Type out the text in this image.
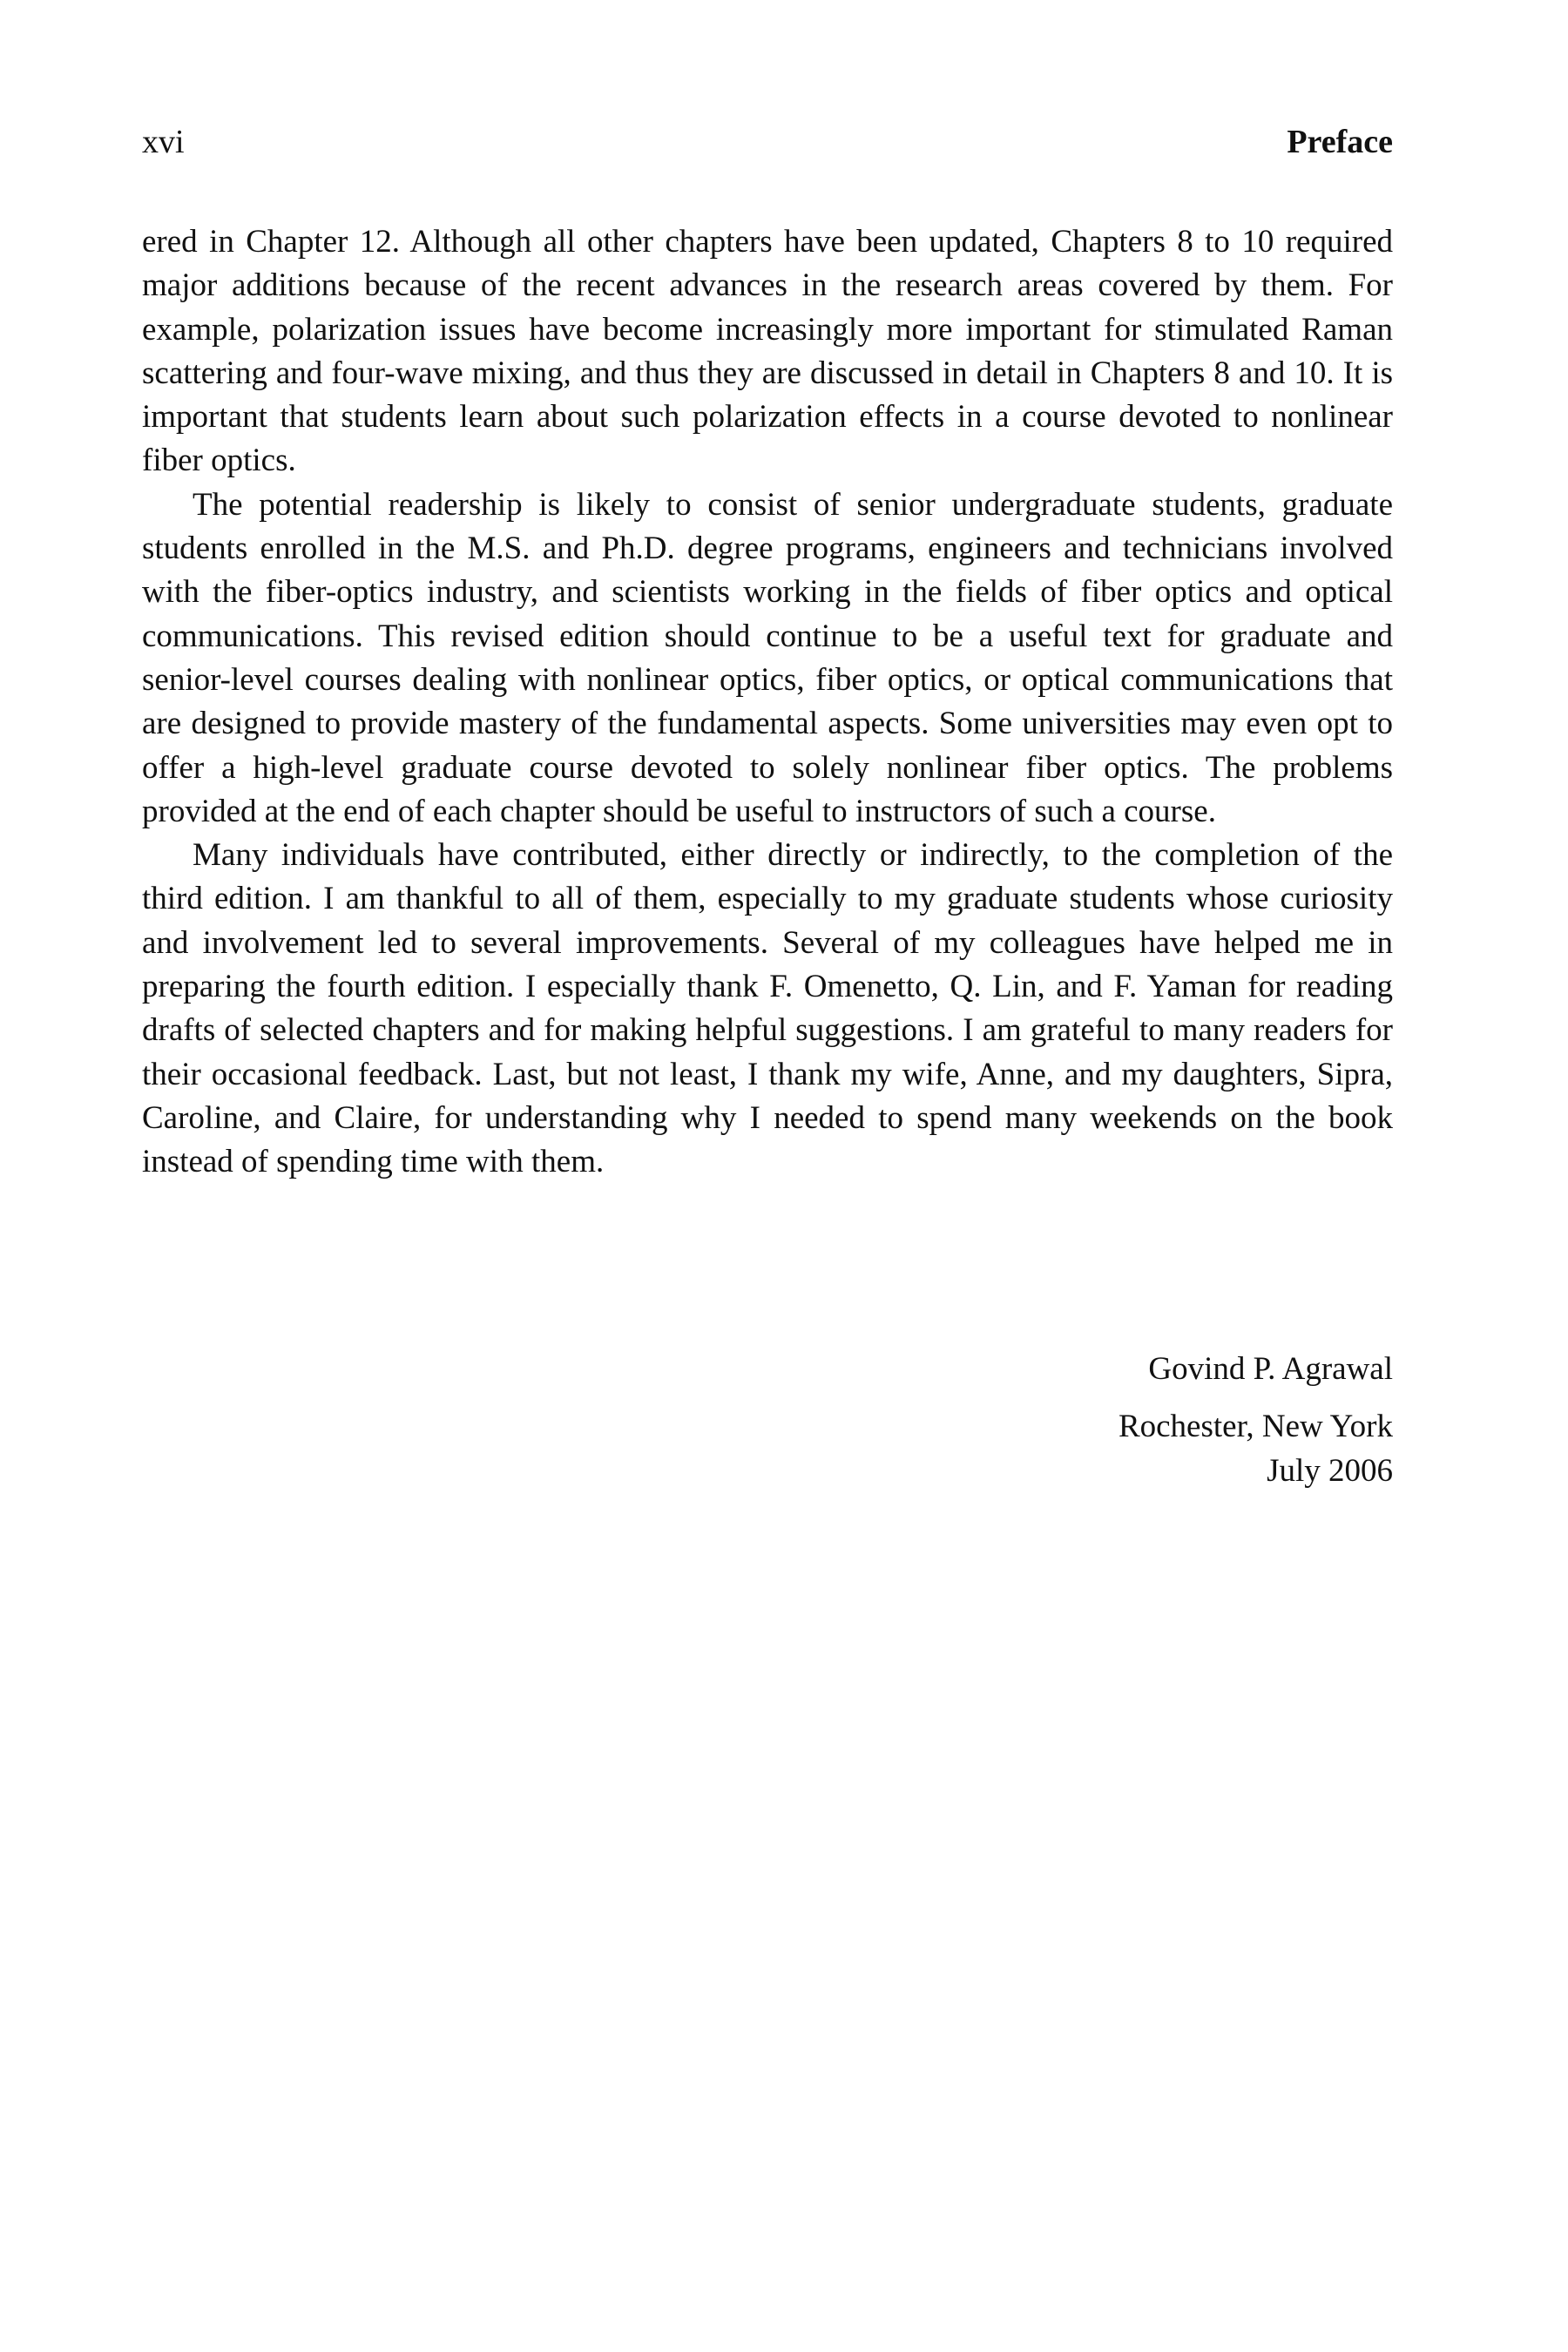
xvi	Preface

ered in Chapter 12. Although all other chapters have been updated, Chapters 8 to 10 required major additions because of the recent advances in the research areas covered by them. For example, polarization issues have become increasingly more important for stimulated Raman scattering and four-wave mixing, and thus they are discussed in detail in Chapters 8 and 10. It is important that students learn about such polarization effects in a course devoted to nonlinear fiber optics.

The potential readership is likely to consist of senior undergraduate students, graduate students enrolled in the M.S. and Ph.D. degree programs, engineers and technicians involved with the fiber-optics industry, and scientists working in the fields of fiber optics and optical communications. This revised edition should continue to be a useful text for graduate and senior-level courses dealing with nonlinear optics, fiber optics, or optical communications that are designed to provide mastery of the fundamental aspects. Some universities may even opt to offer a high-level graduate course devoted to solely nonlinear fiber optics. The problems provided at the end of each chapter should be useful to instructors of such a course.

Many individuals have contributed, either directly or indirectly, to the completion of the third edition. I am thankful to all of them, especially to my graduate students whose curiosity and involvement led to several improvements. Several of my colleagues have helped me in preparing the fourth edition. I especially thank F. Omenetto, Q. Lin, and F. Yaman for reading drafts of selected chapters and for making helpful suggestions. I am grateful to many readers for their occasional feedback. Last, but not least, I thank my wife, Anne, and my daughters, Sipra, Caroline, and Claire, for understanding why I needed to spend many weekends on the book instead of spending time with them.

Govind P. Agrawal

Rochester, New York

July 2006
